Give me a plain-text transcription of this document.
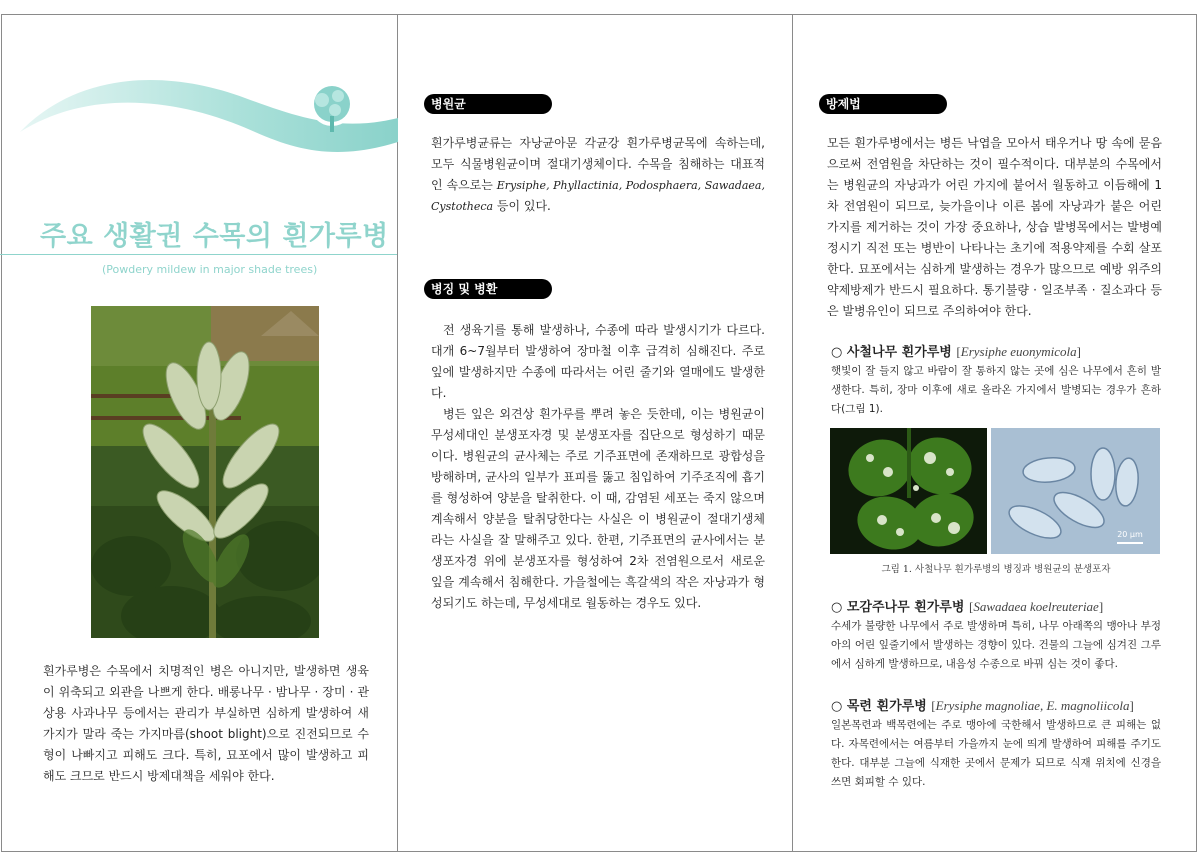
주요 생활권 수목의 흰가루병
(Powdery mildew in major shade trees)
흰가루병은 수목에서 치명적인 병은 아니지만, 발생하면 생육이 위축되고 외관을 나쁘게 한다. 배롱나무 · 밤나무 · 장미 · 관상용 사과나무 등에서는 관리가 부실하면 심하게 발생하여 새가지가 말라 죽는 가지마름(shoot blight)으로 진전되므로 수형이 나빠지고 피해도 크다. 특히, 묘포에서 많이 발생하고 피해도 크므로 반드시 방제대책을 세워야 한다.
병원균
흰가루병균류는 자낭균아문 각균강 흰가루병균목에 속하는데, 모두 식물병원균이며 절대기생체이다. 수목을 침해하는 대표적인 속으로는 Erysiphe, Phyllactinia, Podosphaera, Sawadaea, Cystotheca 등이 있다.
병징 및 병환

전 생육기를 통해 발생하나, 수종에 따라 발생시기가 다르다. 대개 6~7월부터 발생하여 장마철 이후 급격히 심해진다. 주로 잎에 발생하지만 수종에 따라서는 어린 줄기와 열매에도 발생한다.

병든 잎은 외견상 흰가루를 뿌려 놓은 듯한데, 이는 병원균이 무성세대인 분생포자경 및 분생포자를 집단으로 형성하기 때문이다. 병원균의 균사체는 주로 기주표면에 존재하므로 광합성을 방해하며, 균사의 일부가 표피를 뚫고 침입하여 기주조직에 흡기를 형성하여 양분을 탈취한다. 이 때, 감염된 세포는 죽지 않으며 계속해서 양분을 탈취당한다는 사실은 이 병원균이 절대기생체라는 사실을 잘 말해주고 있다. 한편, 기주표면의 균사에서는 분생포자경 위에 분생포자를 형성하여 2차 전염원으로서 새로운 잎을 계속해서 침해한다. 가을철에는 흑갈색의 작은 자낭과가 형성되기도 하는데, 무성세대로 월동하는 경우도 있다.

방제법
모든 흰가루병에서는 병든 낙엽을 모아서 태우거나 땅 속에 묻음으로써 전염원을 차단하는 것이 필수적이다. 대부분의 수목에서는 병원균의 자낭과가 어린 가지에 붙어서 월동하고 이듬해에 1차 전염원이 되므로, 늦가을이나 이른 봄에 자낭과가 붙은 어린 가지를 제거하는 것이 가장 중요하나, 상습 발병목에서는 발병예정시기 직전 또는 병반이 나타나는 초기에 적용약제를 수회 살포한다. 묘포에서는 심하게 발생하는 경우가 많으므로 예방 위주의 약제방제가 반드시 필요하다. 통기불량 · 일조부족 · 질소과다 등은 발병유인이 되므로 주의하여야 한다.
○ 사철나무 흰가루병 [Erysiphe euonymicola]
햇빛이 잘 들지 않고 바람이 잘 통하지 않는 곳에 심은 나무에서 흔히 발생한다. 특히, 장마 이후에 새로 올라온 가지에서 발병되는 경우가 흔하다(그림 1).
20 μm
그림 1. 사철나무 흰가루병의 병징과 병원균의 분생포자
○ 모감주나무 흰가루병 [Sawadaea koelreuteriae]
수세가 불량한 나무에서 주로 발생하며 특히, 나무 아래쪽의 맹아나 부정아의 어린 잎줄기에서 발생하는 경향이 있다. 건물의 그늘에 심겨진 그루에서 심하게 발생하므로, 내음성 수종으로 바꿔 심는 것이 좋다.
○ 목련 흰가루병 [Erysiphe magnoliae, E. magnoliicola]
일본목련과 백목련에는 주로 맹아에 국한해서 발생하므로 큰 피해는 없다. 자목련에서는 여름부터 가을까지 눈에 띄게 발생하여 피해를 주기도 한다. 대부분 그늘에 식재한 곳에서 문제가 되므로 식재 위치에 신경을 쓰면 회피할 수 있다.
